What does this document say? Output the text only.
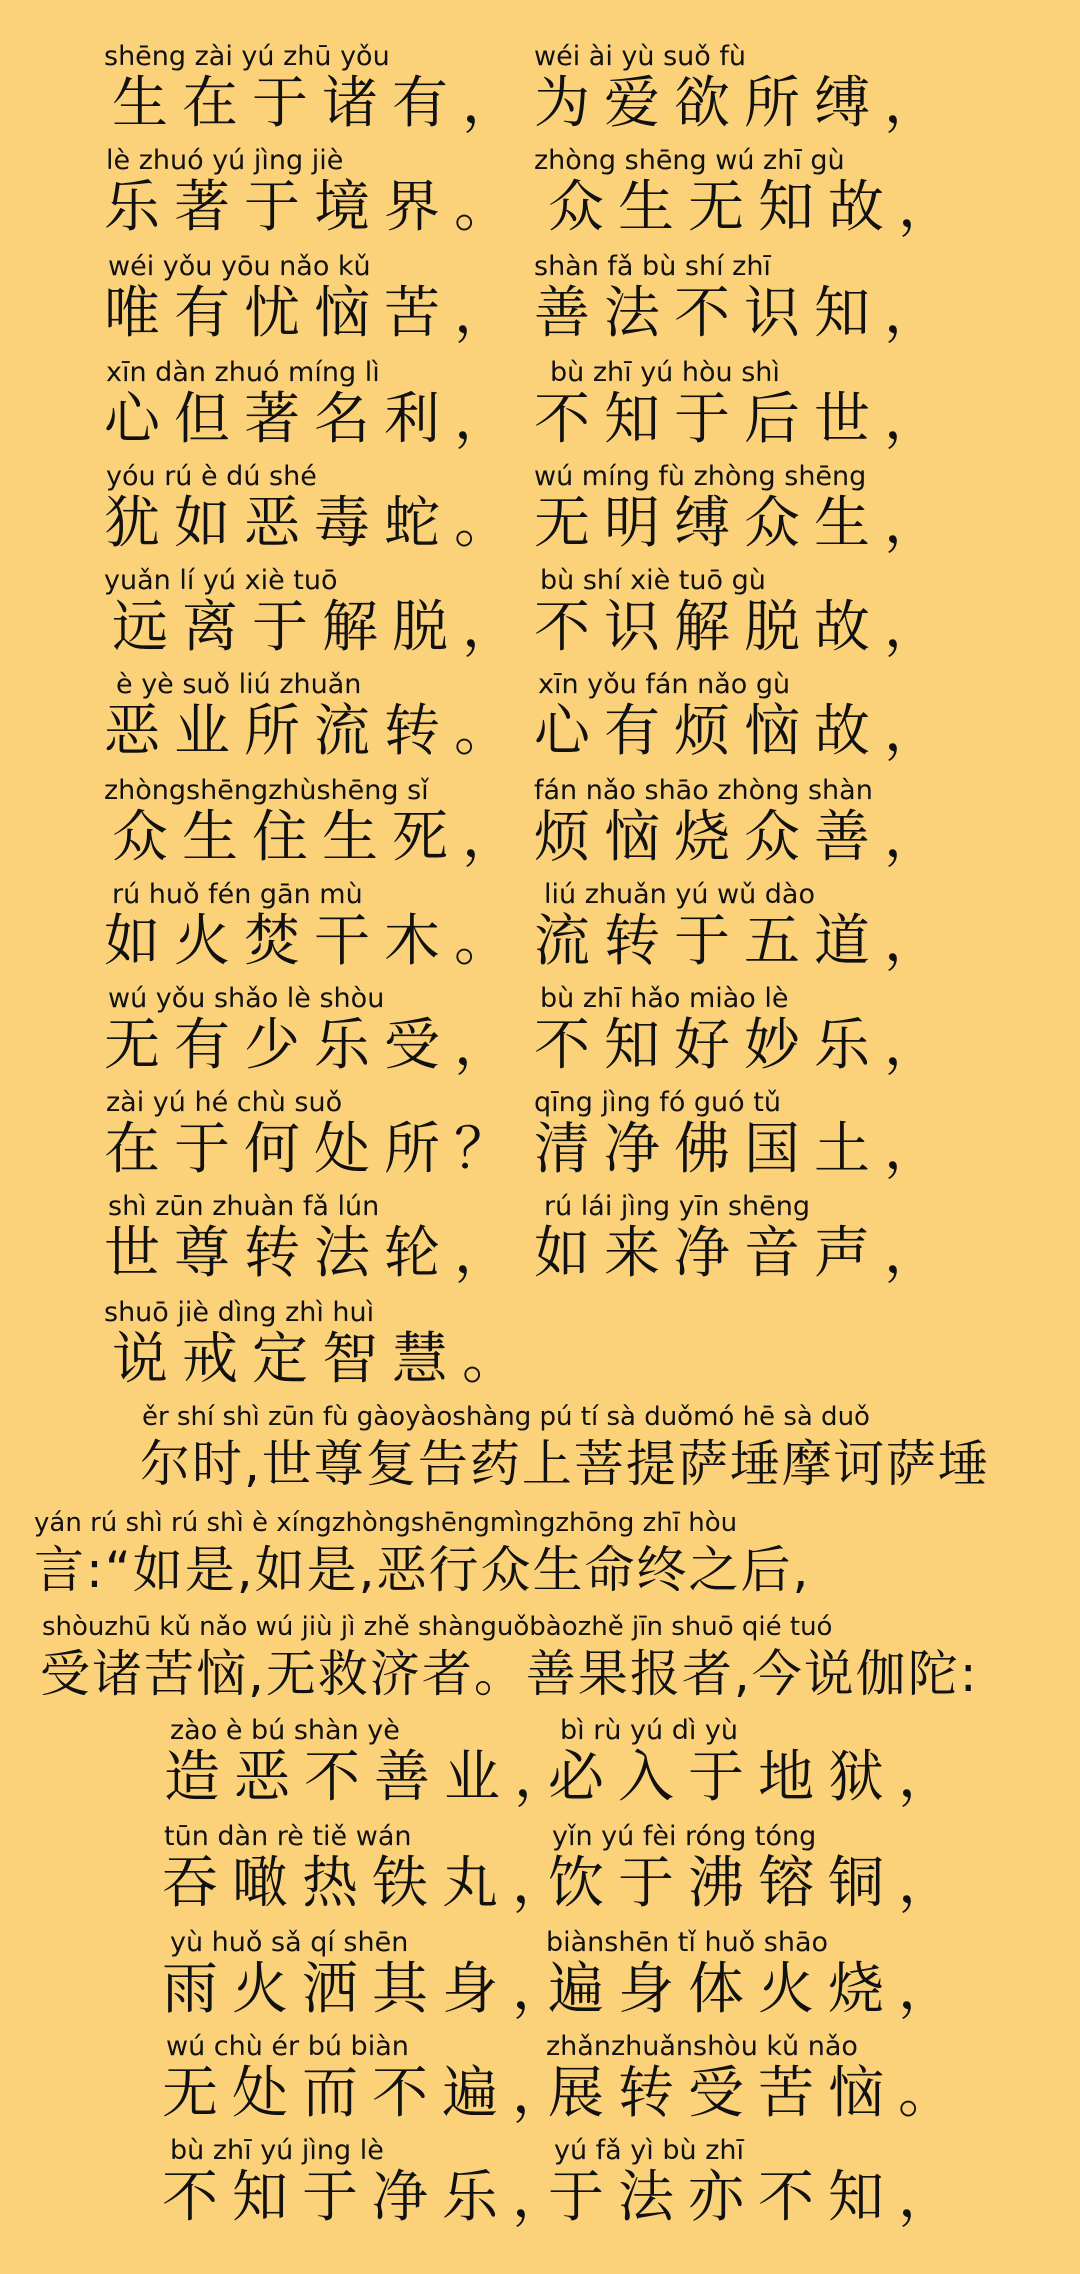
shēng zài yú zhū yǒu
生在于诸有，
wéi ài yù suǒ fù
为爱欲所缚，
lè zhuó yú jìng jiè
乐著于境界。
zhòng shēng wú zhī gù
众生无知故，
wéi yǒu yōu nǎo kǔ
唯有忧恼苦，
shàn fǎ bù shí zhī
善法不识知，
xīn dàn zhuó míng lì
心但著名利，
bù zhī yú hòu shì
不知于后世，
yóu rú è dú shé
犹如恶毒蛇。
wú míng fù zhòng shēng
无明缚众生，
yuǎn lí yú xiè tuō
远离于解脱，
bù shí xiè tuō gù
不识解脱故，
è yè suǒ liú zhuǎn
恶业所流转。
xīn yǒu fán nǎo gù
心有烦恼故，
zhòngshēngzhùshēng sǐ
众生住生死，
fán nǎo shāo zhòng shàn
烦恼烧众善，
rú huǒ fén gān mù
如火焚干木。
liú zhuǎn yú wǔ dào
流转于五道，
wú yǒu shǎo lè shòu
无有少乐受，
bù zhī hǎo miào lè
不知好妙乐，
zài yú hé chù suǒ
在于何处所？
qīng jìng fó guó tǔ
清净佛国土，
shì zūn zhuàn fǎ lún
世尊转法轮，
rú lái jìng yīn shēng
如来净音声，
shuō jiè dìng zhì huì
说戒定智慧。
ěr shí shì zūn fù gàoyàoshàng pú tí sà duǒmó hē sà duǒ
尔时,世尊复告药上菩提萨埵摩诃萨埵
yán rú shì rú shì è xíngzhòngshēngmìngzhōng zhī hòu
言:“如是,如是,恶行众生命终之后,
shòuzhū kǔ nǎo wú jiù jì zhě shànguǒbàozhě jīn shuō qié tuó
受诸苦恼,无救济者。善果报者,今说伽陀:
zào è bú shàn yè
造恶不善业，
bì rù yú dì yù
必入于地狱，
tūn dàn rè tiě wán
吞噉热铁丸，
yǐn yú fèi róng tóng
饮于沸镕铜，
yù huǒ sǎ qí shēn
雨火洒其身，
biànshēn tǐ huǒ shāo
遍身体火烧，
wú chù ér bú biàn
无处而不遍，
zhǎnzhuǎnshòu kǔ nǎo
展转受苦恼。
bù zhī yú jìng lè
不知于净乐，
yú fǎ yì bù zhī
于法亦不知，
